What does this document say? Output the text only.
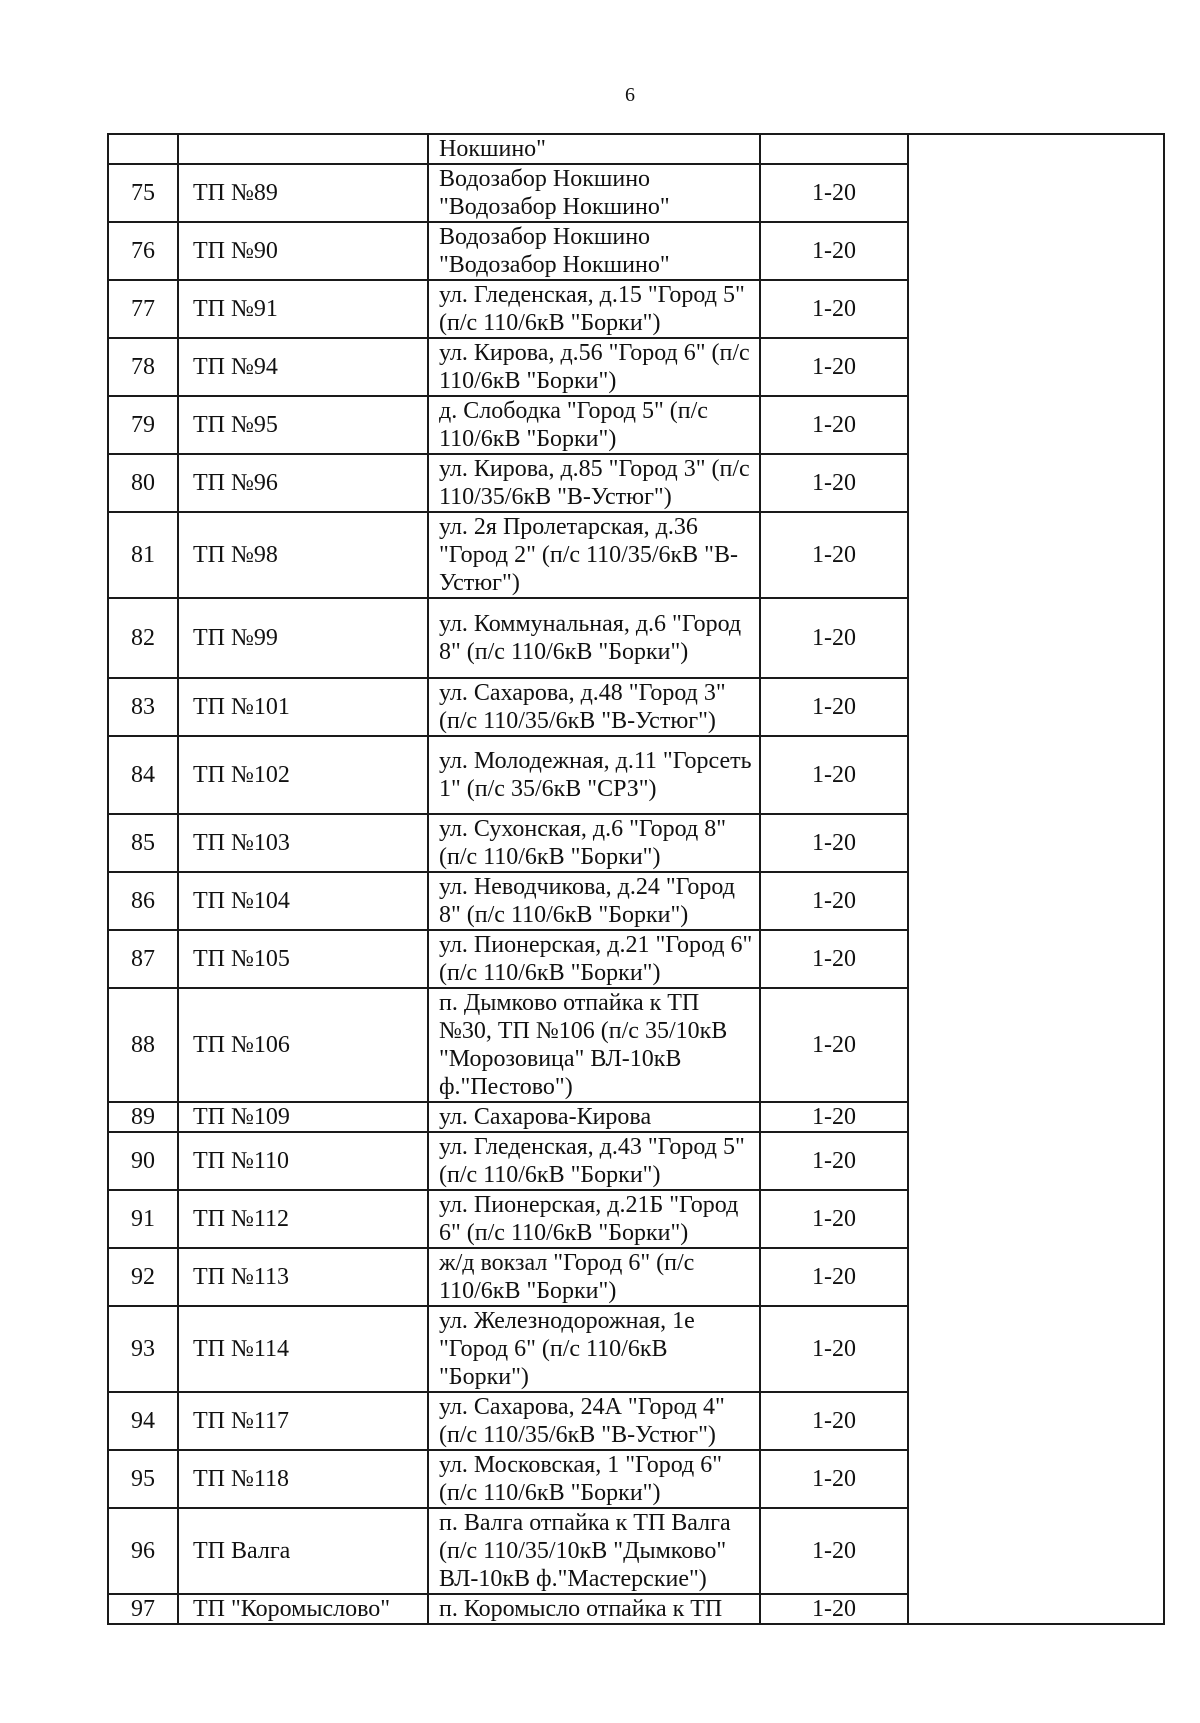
6
		Нокшино"		
75	ТП №89	Водозабор Нокшино "Водозабор Нокшино"	1-20	
76	ТП №90	Водозабор Нокшино "Водозабор Нокшино"	1-20	
77	ТП №91	ул. Гледенская, д.15 "Город 5" (п/с 110/6кВ "Борки")	1-20	
78	ТП №94	ул. Кирова, д.56 "Город 6" (п/с 110/6кВ "Борки")	1-20	
79	ТП №95	д. Слободка "Город 5" (п/с 110/6кВ "Борки")	1-20	
80	ТП №96	ул. Кирова, д.85 "Город 3" (п/с 110/35/6кВ "В-Устюг")	1-20	
81	ТП №98	ул. 2я Пролетарская, д.36 "Город 2" (п/с 110/35/6кВ "В-Устюг")	1-20	
82	ТП №99	ул. Коммунальная, д.6 "Город 8" (п/с 110/6кВ "Борки")	1-20	
83	ТП №101	ул. Сахарова, д.48 "Город 3" (п/с 110/35/6кВ "В-Устюг")	1-20	
84	ТП №102	ул. Молодежная, д.11 "Горсеть 1" (п/с 35/6кВ "СРЗ")	1-20	
85	ТП №103	ул. Сухонская, д.6 "Город 8" (п/с 110/6кВ "Борки")	1-20	
86	ТП №104	ул. Неводчикова, д.24 "Город 8" (п/с 110/6кВ "Борки")	1-20	
87	ТП №105	ул. Пионерская, д.21 "Город 6" (п/с 110/6кВ "Борки")	1-20	
88	ТП №106	п. Дымково отпайка к ТП №30, ТП №106 (п/с 35/10кВ "Морозовица" ВЛ-10кВ ф."Пестово")	1-20	
89	ТП №109	ул. Сахарова-Кирова	1-20	
90	ТП №110	ул. Гледенская, д.43 "Город 5" (п/с 110/6кВ "Борки")	1-20	
91	ТП №112	ул. Пионерская, д.21Б "Город 6" (п/с 110/6кВ "Борки")	1-20	
92	ТП №113	ж/д вокзал "Город 6" (п/с 110/6кВ "Борки")	1-20	
93	ТП №114	ул. Железнодорожная, 1е "Город 6" (п/с 110/6кВ "Борки")	1-20	
94	ТП №117	ул. Сахарова, 24А "Город 4" (п/с 110/35/6кВ "В-Устюг")	1-20	
95	ТП №118	ул. Московская, 1 "Город 6" (п/с 110/6кВ "Борки")	1-20	
96	ТП Валга	п. Валга отпайка к ТП Валга (п/с 110/35/10кВ "Дымково" ВЛ-10кВ ф."Мастерские")	1-20	
97	ТП "Коромыслово"	п. Коромысло отпайка к ТП	1-20	
